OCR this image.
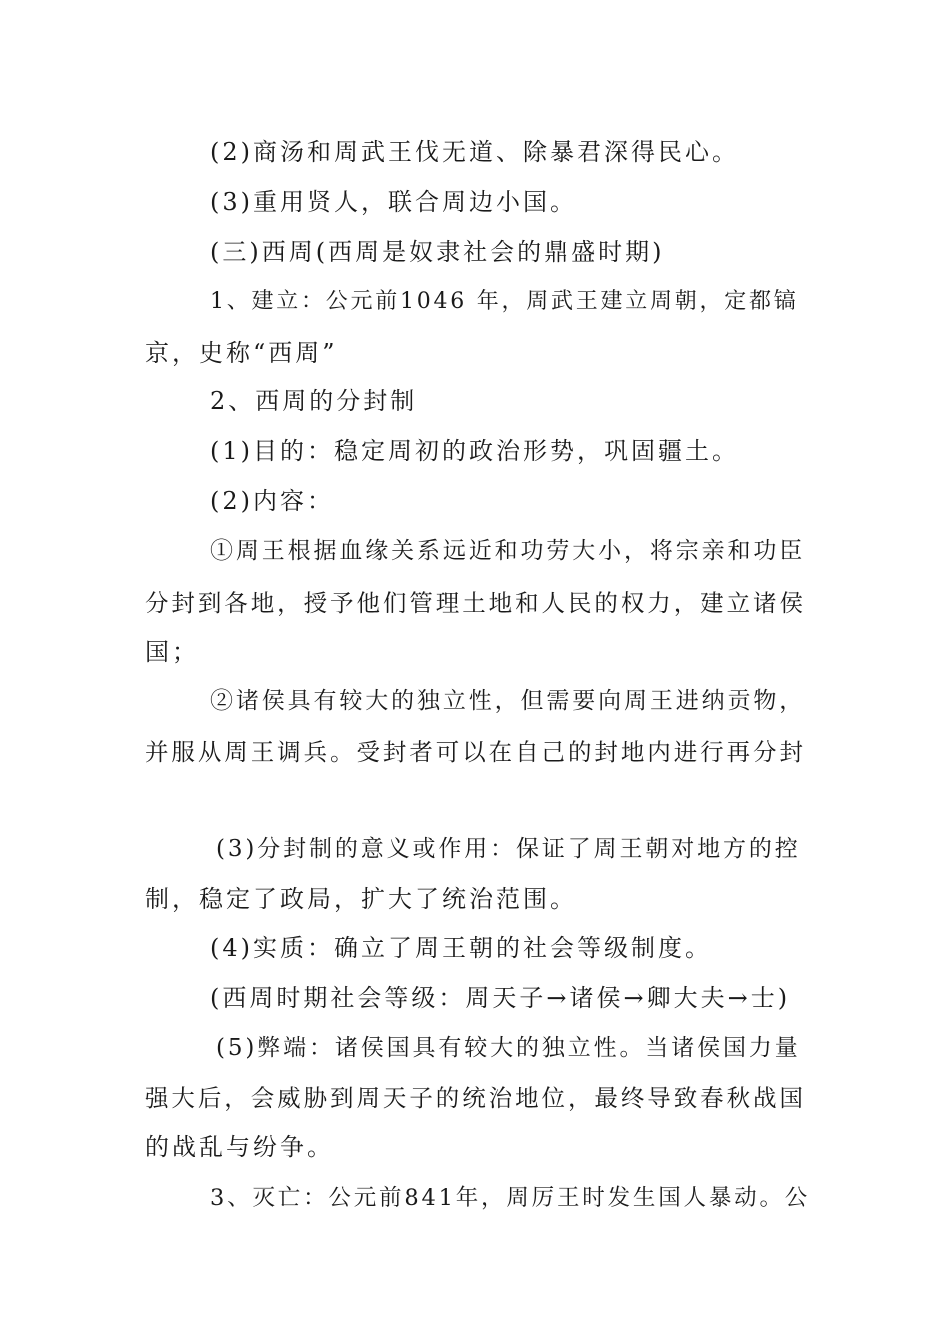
(2)商汤和周武王伐无道、除暴君深得民心。
(3)重用贤人，联合周边小国。
(三)西周(西周是奴隶社会的鼎盛时期)
1、建立：公元前1046 年，周武王建立周朝，定都镐
京，史称“西周”
2、西周的分封制
(1)目的：稳定周初的政治形势，巩固疆土。
(2)内容：
①周王根据血缘关系远近和功劳大小，将宗亲和功臣
分封到各地，授予他们管理土地和人民的权力，建立诸侯
国；
②诸侯具有较大的独立性，但需要向周王进纳贡物，
并服从周王调兵。受封者可以在自己的封地内进行再分封
(3)分封制的意义或作用：保证了周王朝对地方的控
制，稳定了政局，扩大了统治范围。
(4)实质：确立了周王朝的社会等级制度。
(西周时期社会等级：周天子→诸侯→卿大夫→士)
(5)弊端：诸侯国具有较大的独立性。当诸侯国力量
强大后，会威胁到周天子的统治地位，最终导致春秋战国
的战乱与纷争。
3、灭亡：公元前841年，周厉王时发生国人暴动。公
